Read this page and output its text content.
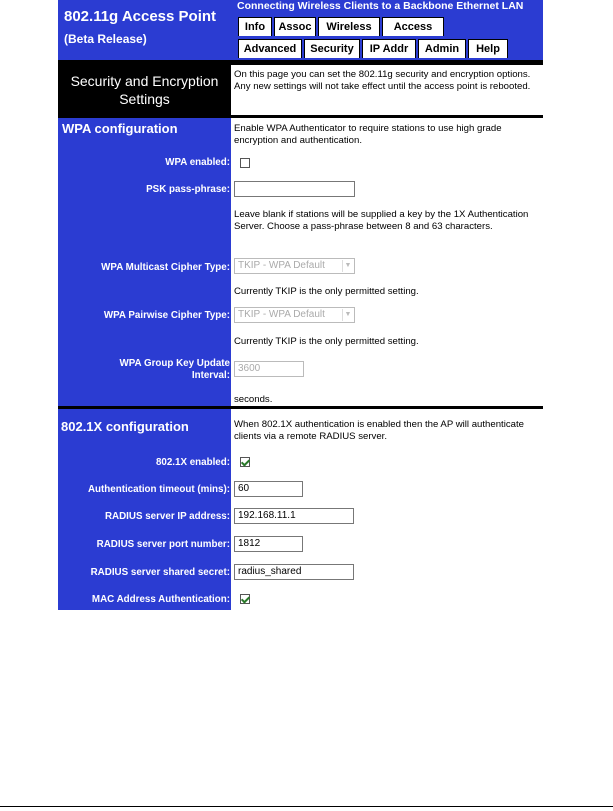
802.11g Access Point
(Beta Release)
Connecting Wireless Clients to a Backbone Ethernet LAN
Info	Assoc	Wireless	Access
Advanced	Security	IP Addr	Admin	Help
Security and Encryption Settings
On this page you can set the 802.11g security and encryption options. Any new settings will not take effect until the access point is rebooted.
WPA configuration	Enable WPA Authenticator to require stations to use high grade encryption and authentication.
WPA enabled:
PSK pass-phrase:
Leave blank if stations will be supplied a key by the 1X Authentication Server. Choose a pass-phrase between 8 and 63 characters.
WPA Multicast Cipher Type: TKIP - WPA Default	▼
Currently TKIP is the only permitted setting.
WPA Pairwise Cipher Type: TKIP - WPA Default	▼
Currently TKIP is the only permitted setting.
WPA Group Key Update Interval:
3600
seconds.
802.1X configuration	When 802.1X authentication is enabled then the AP will authenticate clients via a remote RADIUS server.
802.1X enabled:
Authentication timeout (mins): 60
RADIUS server IP address: 192.168.11.1
RADIUS server port number: 1812
RADIUS server shared secret: radius_shared
MAC Address Authentication:
